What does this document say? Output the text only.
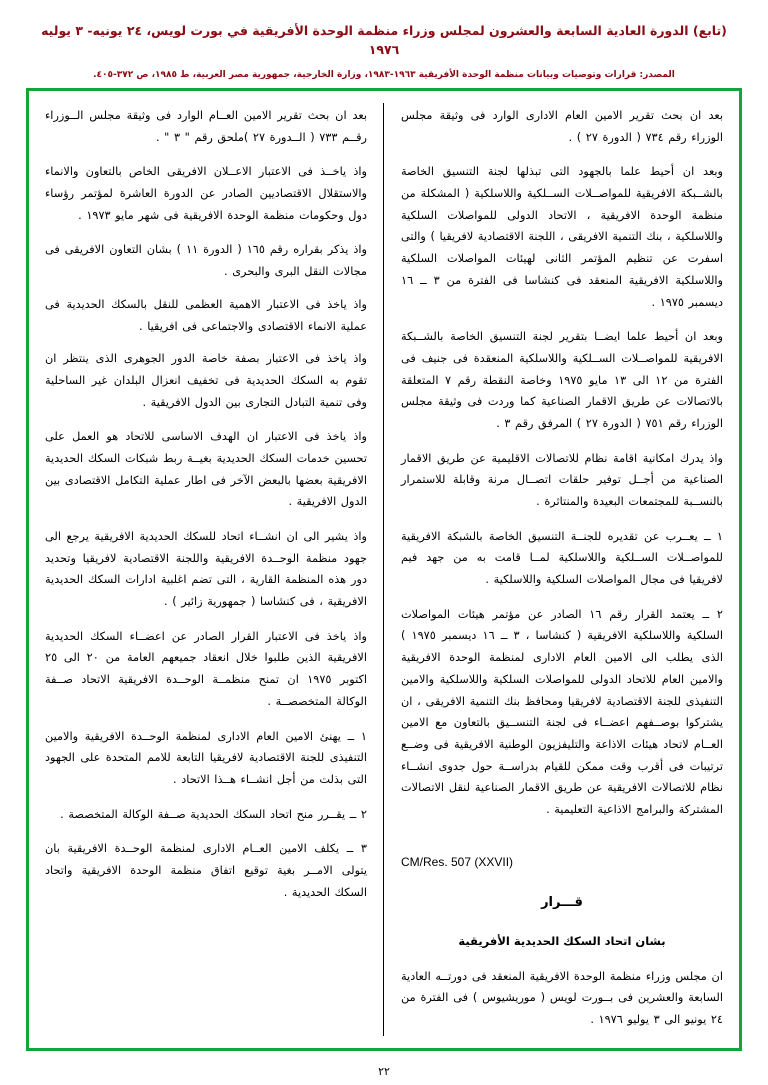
(تابع) الدورة العادية السابعة والعشرون لمجلس وزراء منظمة الوحدة الأفريقية في بورت لويس، ٢٤ يونيه- ٣ يوليه ١٩٧٦
المصدر: قرارات وتوصيات وبيانات منظمة الوحدة الأفريقية ١٩٦٣-١٩٨٣، وزارة الخارجية، جمهورية مصر العربية، ط ١٩٨٥، ص ٣٧٢-٤٠٥.

بعد ان بحث تقرير الامين العام الادارى الوارد فى وثيقة مجلس الوزراء رقم ٧٣٤ ( الدورة ٢٧ ) .

وبعد ان أحيط علما بالجهود التى تبذلها لجنة التنسيق الخاصة بالشــبكة الافريقية للمواصــلات الســلكية واللاسلكية ( المشكلة من منظمة الوحدة الافريقية ، الاتحاد الدولى للمواصلات السلكية واللاسلكية ، بنك التنمية الافريقى ، اللجنة الاقتصادية لافريقيا ) والتى اسفرت عن تنظيم المؤتمر الثانى لهيئات المواصلات السلكية واللاسلكية الافريقية المنعقد فى كنشاسا فى الفترة من ٣ ــ ١٦ ديسمبر ١٩٧٥ .

وبعد ان أحيط علما ايضــا بتقرير لجنة التنسيق الخاصة بالشــبكة الافريقية للمواصــلات الســلكية واللاسلكية المنعقدة فى جنيف فى الفترة من ١٢ الى ١٣ مايو ١٩٧٥ وخاصة النقطة رقم ٧ المتعلقة بالاتصالات عن طريق الاقمار الصناعية كما وردت فى وثيقة مجلس الوزراء رقم ٧٥١ ( الدورة ٢٧ ) المرفق رقم ٣ .

واذ يدرك امكانية اقامة نظام للاتصالات الاقليمية عن طريق الاقمار الصناعية من أجــل توفير حلقات اتصــال مرنة وقابلة للاستمرار بالنســبة للمجتمعات البعيدة والمنتاثرة .

١ ــ يعــرب عن تقديره للجنــة التنسيق الخاصة بالشبكة الافريقية للمواصــلات الســلكية واللاسلكية لمــا قامت به من جهد فيم لافريقيا فى مجال المواصلات السلكية واللاسلكية .

٢ ــ يعتمد القرار رقم ١٦ الصادر عن مؤتمر هيئات المواصلات السلكية واللاسلكية الافريقية ( كنشاسا ، ٣ ــ ١٦ ديسمبر ١٩٧٥ ) الذى يطلب الى الامين العام الادارى لمنظمة الوحدة الافريقية والامين العام للاتحاد الدولى للمواصلات السلكية واللاسلكية والامين التنفيذى للجنة الاقتصادية لافريقيا ومحافظ بنك التنمية الافريقى ، ان يشتركوا بوصــفهم اعضــاء فى لجنة التنســيق بالتعاون مع الامين العــام لاتحاد هيئات الاذاعة والتليفزيون الوطنية الافريقية فى وضــع ترتيبات فى أقرب وقت ممكن للقيام بدراســة حول جدوى انشــاء نظام للاتصالات الافريقية عن طريق الاقمار الصناعية لنقل الاتصالات المشتركة والبرامج الاذاعية التعليمية .

CM/Res. 507 (XXVII)
قـــرار
بشان اتحاد السكك الحديدية الأفريقية

ان مجلس وزراء منظمة الوحدة الافريقية المنعقد فى دورتــه العادية السابعة والعشرين فى بــورت لويس ( موريشيوس ) فى الفترة من ٢٤ يونيو الى ٣ يوليو ١٩٧٦ .

بعد ان بحث تقرير الامين العــام الوارد فى وثيقة مجلس الــوزراء رقــم ٧٣٣ ( الــدورة ٢٧ )ملحق رقم " ٣ " .

واذ ياخــذ فى الاعتبار الاعــلان الافريقى الخاص بالتعاون والانماء والاستقلال الاقتصاديين الصادر عن الدورة العاشرة لمؤتمر رؤساء دول وحكومات منظمة الوحدة الافريقية فى شهر مايو ١٩٧٣ .

واذ يذكر بقراره رقم ١٦٥ ( الدورة ١١ ) بشان التعاون الافريقى فى مجالات النقل البرى والبحرى .

واذ ياخذ فى الاعتبار الاهمية العظمى للنقل بالسكك الحديدية فى عملية الانماء الاقتصادى والاجتماعى فى افريقيا .

واذ ياخذ فى الاعتبار بصفة خاصة الدور الجوهرى الذى ينتظر ان تقوم به السكك الحديدية فى تخفيف انعزال البلدان غير الساحلية وفى تنمية التبادل التجارى بين الدول الافريقية .

واذ ياخذ فى الاعتبار ان الهدف الاساسى للاتحاد هو العمل على تحسين خدمات السكك الحديدية بغيــة ربط شبكات السكك الحديدية الافريقية بعضها بالبعض الآخر فى اطار عملية التكامل الاقتصادى بين الدول الافريقية .

واذ يشير الى ان انشــاء اتحاد للسكك الحديدية الافريقية يرجع الى جهود منظمة الوحــدة الافريقية واللجنة الاقتصادية لافريقيا وتحديد دور هذه المنظمة القارية ، التى تضم اغلبية ادارات السكك الحديدية الافريقية ، فى كنشاسا ( جمهورية زائير ) .

واذ ياخذ فى الاعتبار القرار الصادر عن اعضــاء السكك الحديدية الافريقية الذين طلبوا خلال انعقاد جميعهم العامة من ٢٠ الى ٢٥ اكتوبر ١٩٧٥ ان تمنح منظمــة الوحــدة الافريقية الاتحاد صــفة الوكالة المتخصصــة .

١ ــ يهنئ الامين العام الادارى لمنظمة الوحــدة الافريقية والامين التنفيذى للجنة الاقتصادية لافريقيا التابعة للامم المتحدة على الجهود التى بذلت من أجل انشــاء هــذا الاتحاد .

٢ ــ يقــرر منح اتحاد السكك الحديدية صــفة الوكالة المتخصصة .

٣ ــ يكلف الامين العــام الادارى لمنظمة الوحــدة الافريقية بان يتولى الامــر بغية توقيع اتفاق منظمة الوحدة الافريقية واتحاد السكك الحديدية .

٢٢
